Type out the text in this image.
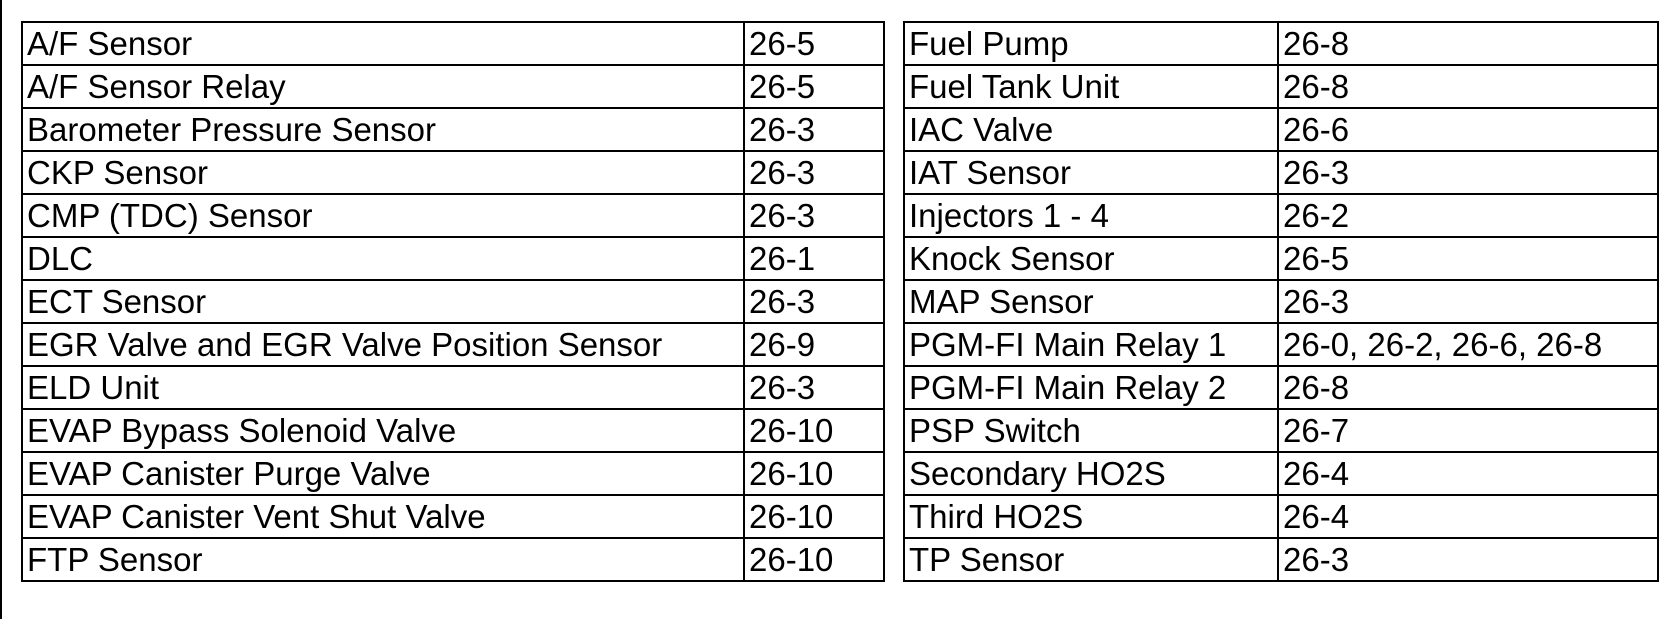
A/F Sensor	26-5
A/F Sensor Relay	26-5
Barometer Pressure Sensor	26-3
CKP Sensor	26-3
CMP (TDC) Sensor	26-3
DLC	26-1
ECT Sensor	26-3
EGR Valve and EGR Valve Position Sensor	26-9
ELD Unit	26-3
EVAP Bypass Solenoid Valve	26-10
EVAP Canister Purge Valve	26-10
EVAP Canister Vent Shut Valve	26-10
FTP Sensor	26-10
Fuel Pump	26-8
Fuel Tank Unit	26-8
IAC Valve	26-6
IAT Sensor	26-3
Injectors 1 - 4	26-2
Knock Sensor	26-5
MAP Sensor	26-3
PGM-FI Main Relay 1	26-0, 26-2, 26-6, 26-8
PGM-FI Main Relay 2	26-8
PSP Switch	26-7
Secondary HO2S	26-4
Third HO2S	26-4
TP Sensor	26-3
